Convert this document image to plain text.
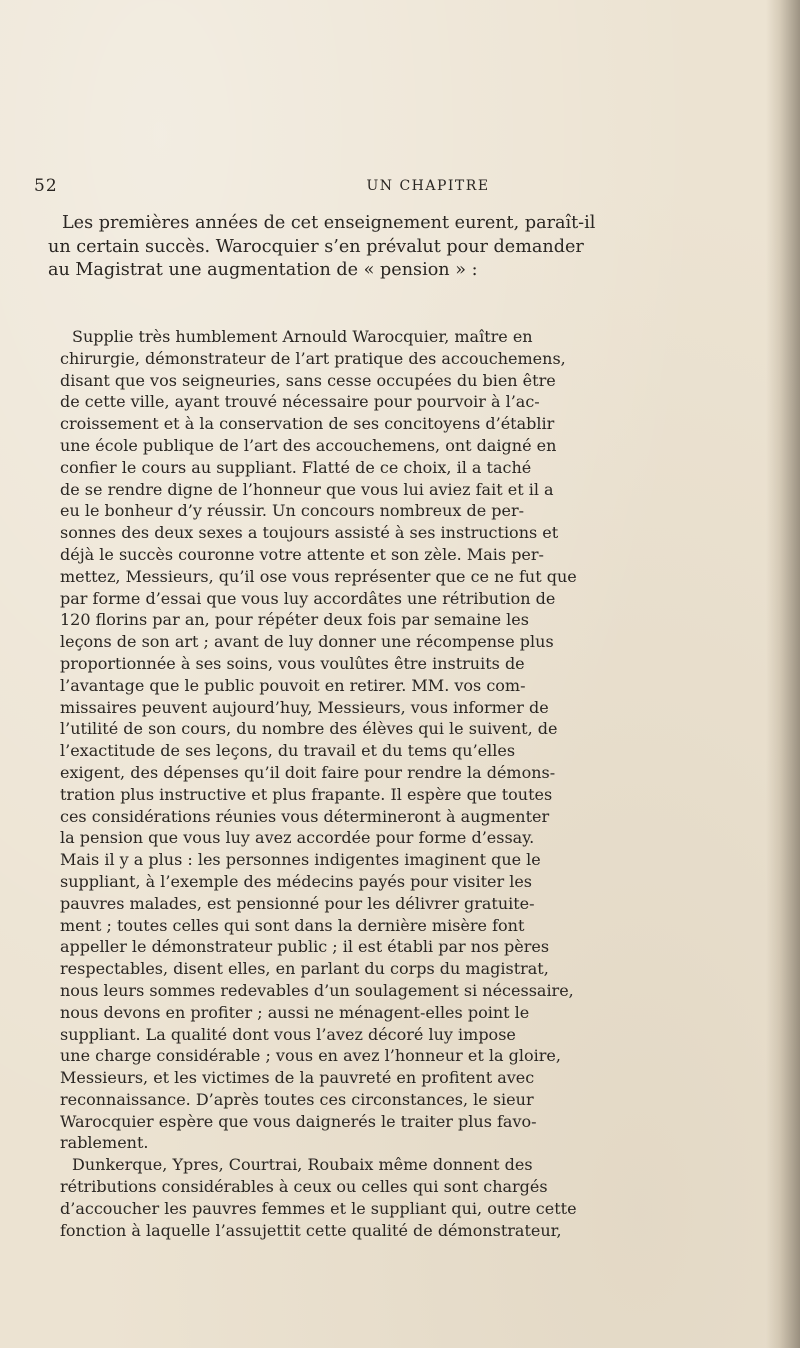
52	UN CHAPITRE
Les premières années de cet enseignement eurent, paraît-il
un certain succès. Warocquier s’en prévalut pour demander
au Magistrat une augmentation de « pension » :
Supplie très humblement Arnould Warocquier, maître en
chirurgie, démonstrateur de l’art pratique des accouchemens,
disant que vos seigneuries, sans cesse occupées du bien être
de cette ville, ayant trouvé nécessaire pour pourvoir à l’ac-
croissement et à la conservation de ses concitoyens d’établir
une école publique de l’art des accouchemens, ont daigné en
confier le cours au suppliant. Flatté de ce choix, il a taché
de se rendre digne de l’honneur que vous lui aviez fait et il a
eu le bonheur d’y réussir. Un concours nombreux de per-
sonnes des deux sexes a toujours assisté à ses instructions et
déjà le succès couronne votre attente et son zèle. Mais per-
mettez, Messieurs, qu’il ose vous représenter que ce ne fut que
par forme d’essai que vous luy accordâtes une rétribution de
120 florins par an, pour répéter deux fois par semaine les
leçons de son art ; avant de luy donner une récompense plus
proportionnée à ses soins, vous voulûtes être instruits de
l’avantage que le public pouvoit en retirer. MM. vos com-
missaires peuvent aujourd’huy, Messieurs, vous informer de
l’utilité de son cours, du nombre des élèves qui le suivent, de
l’exactitude de ses leçons, du travail et du tems qu’elles
exigent, des dépenses qu’il doit faire pour rendre la démons-
tration plus instructive et plus frapante. Il espère que toutes
ces considérations réunies vous détermineront à augmenter
la pension que vous luy avez accordée pour forme d’essay.
Mais il y a plus : les personnes indigentes imaginent que le
suppliant, à l’exemple des médecins payés pour visiter les
pauvres malades, est pensionné pour les délivrer gratuite-
ment ; toutes celles qui sont dans la dernière misère font
appeller le démonstrateur public ; il est établi par nos pères
respectables, disent elles, en parlant du corps du magistrat,
nous leurs sommes redevables d’un soulagement si nécessaire,
nous devons en profiter ; aussi ne ménagent-elles point le
suppliant. La qualité dont vous l’avez décoré luy impose
une charge considérable ; vous en avez l’honneur et la gloire,
Messieurs, et les victimes de la pauvreté en profitent avec
reconnaissance. D’après toutes ces circonstances, le sieur
Warocquier espère que vous daignerés le traiter plus favo-
rablement.
Dunkerque, Ypres, Courtrai, Roubaix même donnent des
rétributions considérables à ceux ou celles qui sont chargés
d’accoucher les pauvres femmes et le suppliant qui, outre cette
fonction à laquelle l’assujettit cette qualité de démonstrateur,
